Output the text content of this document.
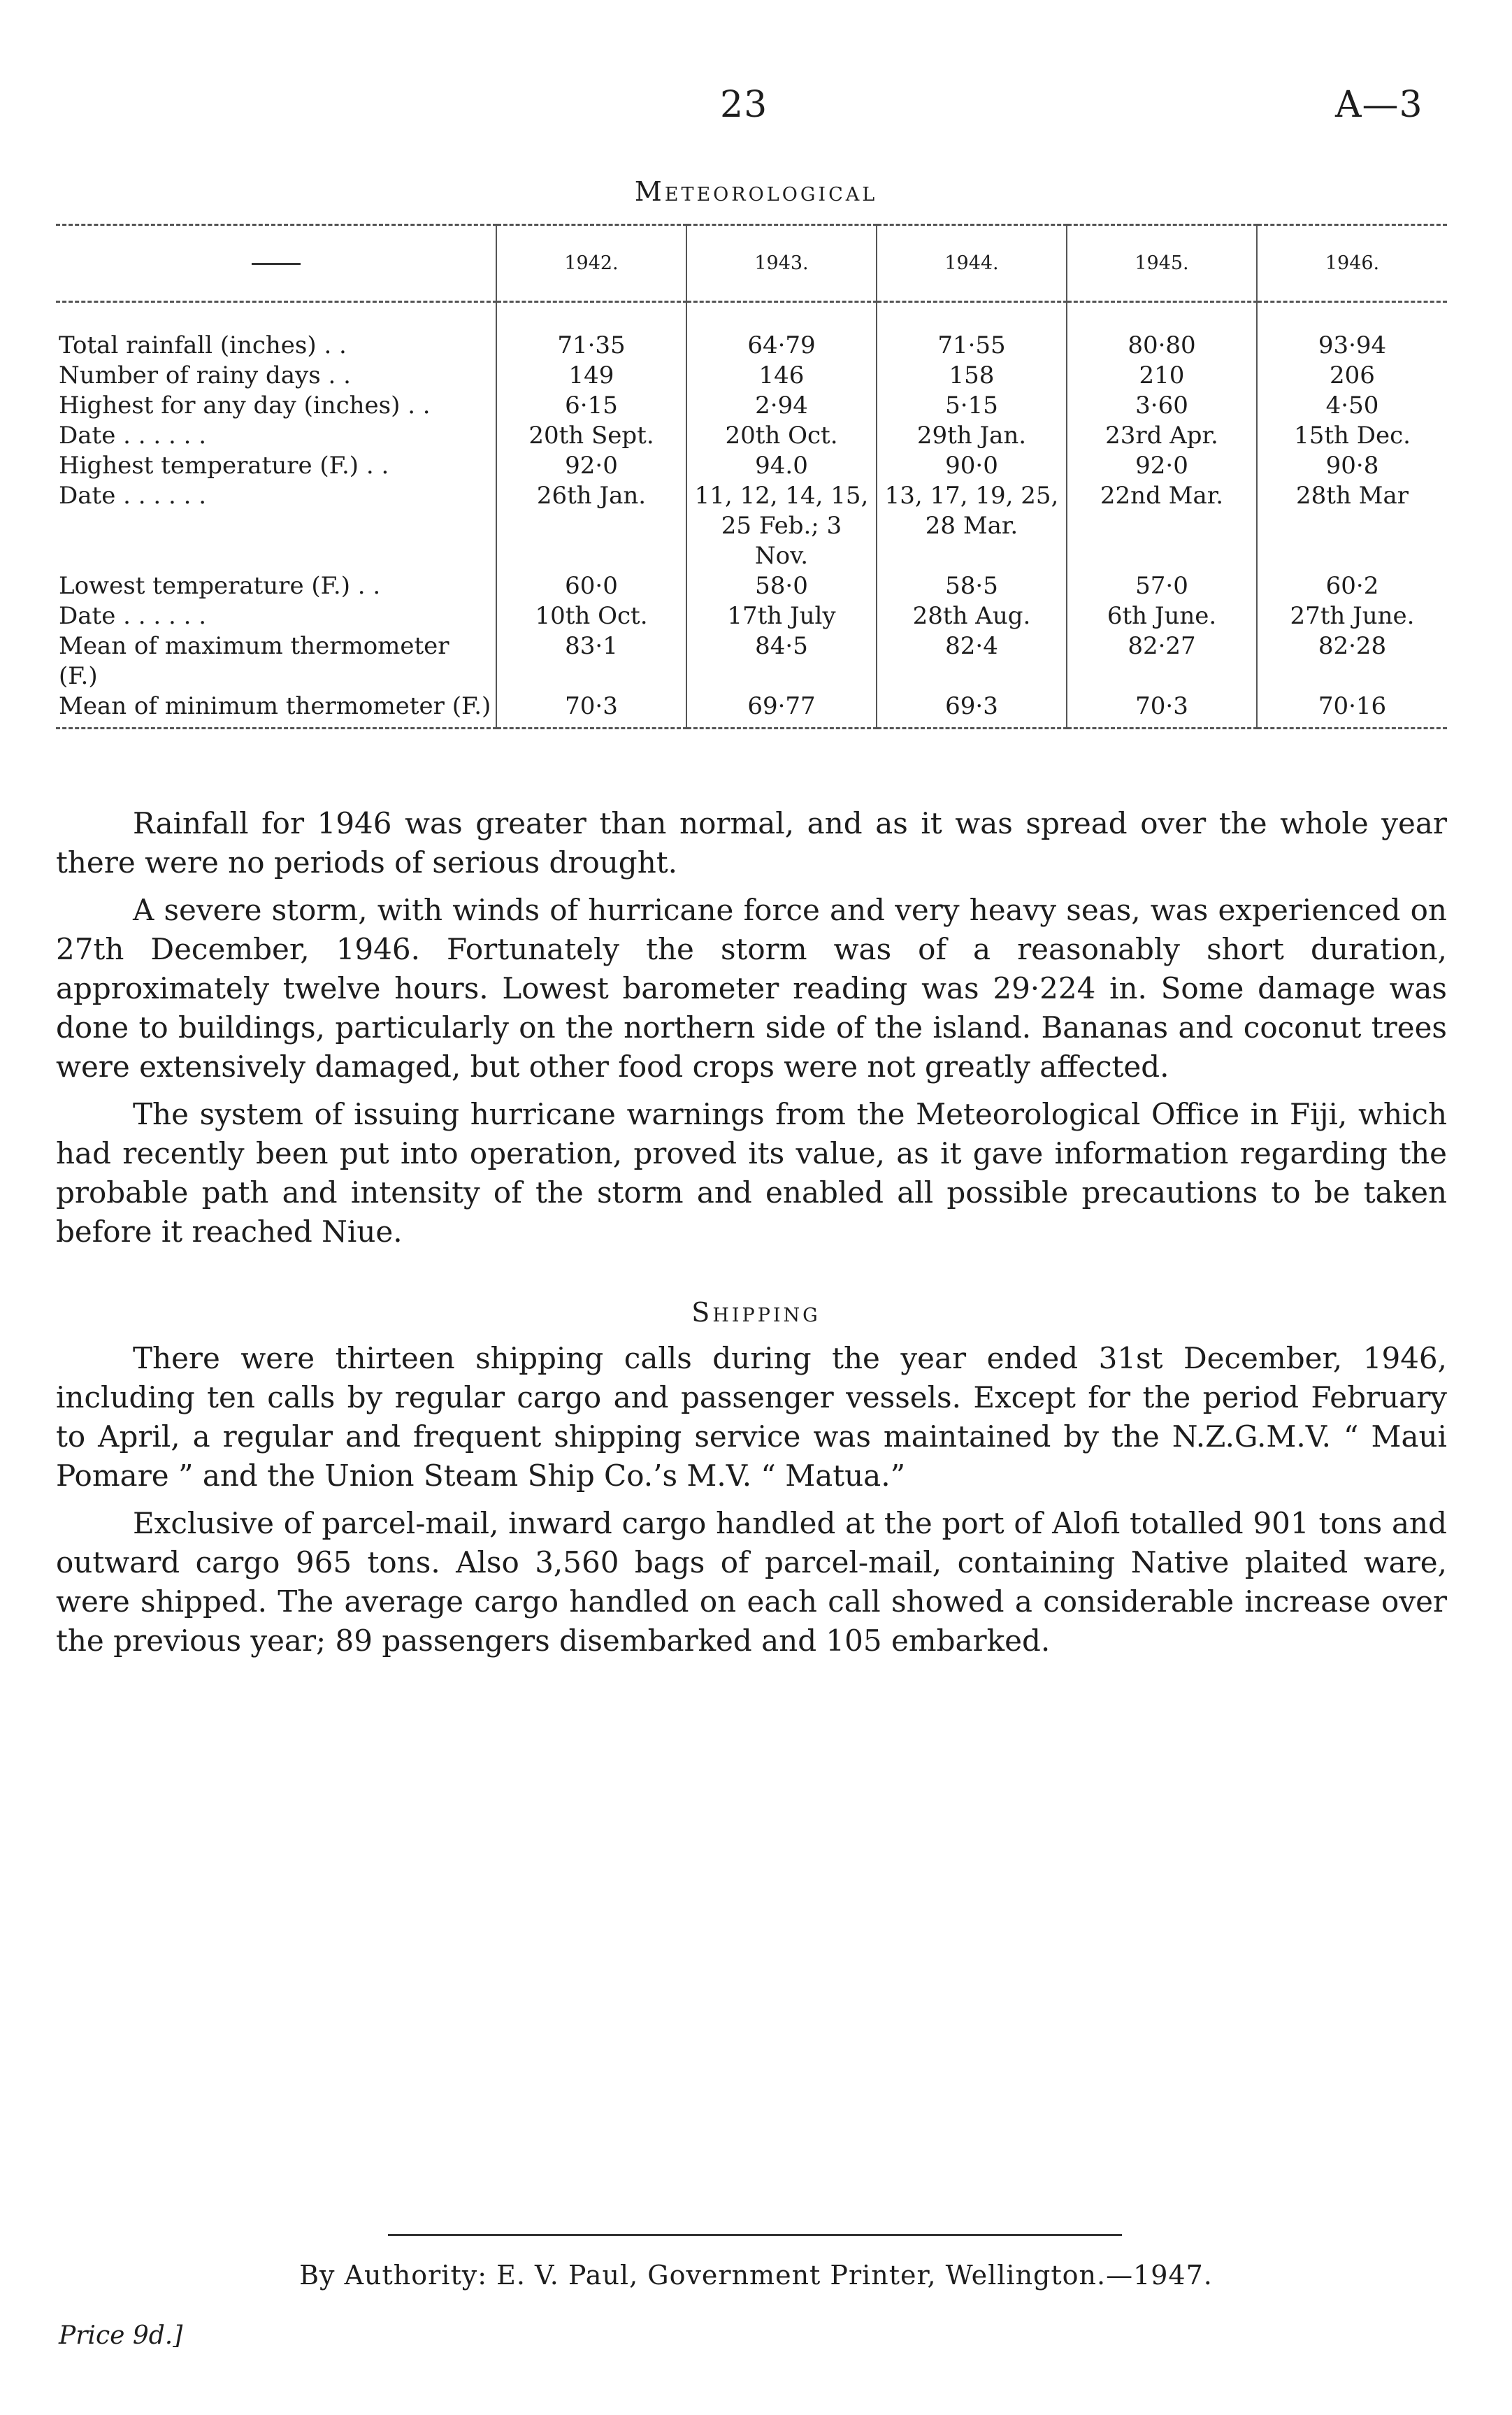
23	A—3
Meteorological
	1942.	1943.	1944.	1945.	1946.
Total rainfall (inches) . .	71·35	64·79	71·55	80·80	93·94
Number of rainy days . .	149	146	158	210	206
Highest for any day (inches) . .	6·15	2·94	5·15	3·60	4·50
Date . . . . . .	20th Sept.	20th Oct.	29th Jan.	23rd Apr.	15th Dec.
Highest temperature (F.) . .	92·0	94.0	90·0	92·0	90·8
Date . . . . . .	26th Jan.	11, 12, 14, 15, 25 Feb.; 3 Nov.	13, 17, 19, 25, 28 Mar.	22nd Mar.	28th Mar
Lowest temperature (F.) . .	60·0	58·0	58·5	57·0	60·2
Date . . . . . .	10th Oct.	17th July	28th Aug.	6th June.	27th June.
Mean of maximum thermometer (F.)	83·1	84·5	82·4	82·27	82·28
Mean of minimum thermometer (F.)	70·3	69·77	69·3	70·3	70·16

Rainfall for 1946 was greater than normal, and as it was spread over the whole year there were no periods of serious drought.

A severe storm, with winds of hurricane force and very heavy seas, was experienced on 27th December, 1946. Fortunately the storm was of a reasonably short duration, approximately twelve hours. Lowest barometer reading was 29·224 in. Some damage was done to buildings, particularly on the northern side of the island. Bananas and coconut trees were extensively damaged, but other food crops were not greatly affected.

The system of issuing hurricane warnings from the Meteorological Office in Fiji, which had recently been put into operation, proved its value, as it gave information regarding the probable path and intensity of the storm and enabled all possible precautions to be taken before it reached Niue.

Shipping

There were thirteen shipping calls during the year ended 31st December, 1946, including ten calls by regular cargo and passenger vessels. Except for the period February to April, a regular and frequent shipping service was maintained by the N.Z.G.M.V. “ Maui Pomare ” and the Union Steam Ship Co.’s M.V. “ Matua.”

Exclusive of parcel-mail, inward cargo handled at the port of Alofi totalled 901 tons and outward cargo 965 tons. Also 3,560 bags of parcel-mail, containing Native plaited ware, were shipped. The average cargo handled on each call showed a considerable increase over the previous year; 89 passengers disembarked and 105 embarked.

By Authority: E. V. Paul, Government Printer, Wellington.—1947.
Price 9d.]
